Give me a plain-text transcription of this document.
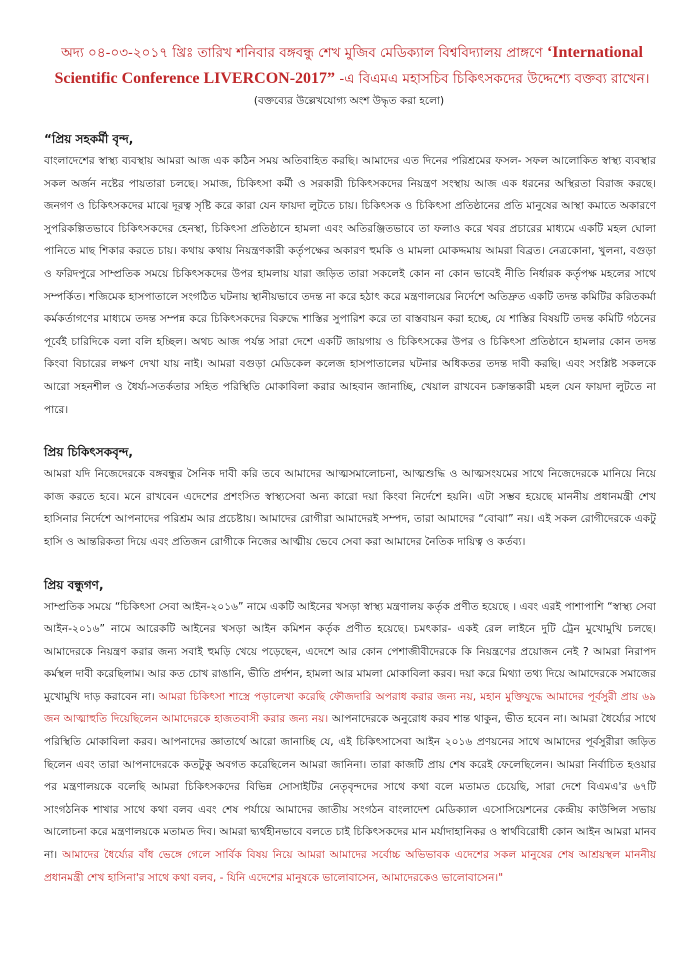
অদ্য ০৪-০৩-২০১৭ খ্রিঃ তারিখ শনিবার বঙ্গবন্ধু শেখ মুজিব মেডিক্যাল বিশ্ববিদ্যালয় প্রাঙ্গণে ‘International Scientific Conference LIVERCON-2017” -এ বিএমএ মহাসচিব চিকিৎসকদের উদ্দেশ্যে বক্তব্য রাখেন।
(বক্তব্যের উল্লেখযোগ্য অংশ উদ্ধৃত করা হলো)

“প্রিয় সহকর্মী বৃন্দ,

বাংলাদেশের স্বাস্থ্য ব্যবস্থায় আমরা আজ এক কঠিন সময় অতিবাহিত করছি। আমাদের এত দিনের পরিশ্রমের ফসল- সফল আলোকিত স্বাস্থ্য ব্যবস্থার সকল অর্জন নষ্টের পায়তারা চলছে। সমাজ, চিকিৎসা কর্মী ও সরকারী চিকিৎসকদের নিয়ন্ত্রণ সংস্থায় আজ এক ধরনের অস্থিরতা বিরাজ করছে। জনগণ ও চিকিৎসকদের মাঝে দূরত্ব সৃষ্টি করে কারা যেন ফায়দা লুটতে চায়। চিকিৎসক ও চিকিৎসা প্রতিষ্ঠানের প্রতি মানুষের আস্থা কমাতে অকারণে সুপরিকল্পিতভাবে চিকিৎসকদের হেনস্থা, চিকিৎসা প্রতিষ্ঠানে হামলা এবং অতিরঞ্জিতভাবে তা ফলাও করে খবর প্রচারের মাধ্যমে একটি মহল ঘোলা পানিতে মাছ শিকার করতে চায়। কথায় কথায় নিয়ন্ত্রণকারী কর্তৃপক্ষের অকারণ হুমকি ও মামলা মোকদ্দমায় আমরা বিব্রত। নেত্রকোনা, খুলনা, বগুড়া ও ফরিদপুরে সাম্প্রতিক সময়ে চিকিৎসকদের উপর হামলায় যারা জড়িত তারা সকলেই কোন না কোন ভাবেই নীতি নির্ধারক কর্তৃপক্ষ মহলের সাথে সম্পর্কিত। শজিমেক হাসপাতালে সংগঠিত ঘটনায় স্থানীয়ভাবে তদন্ত না করে হঠাৎ করে মন্ত্রণালয়ের নির্দেশে অতিদ্রুত একটি তদন্ত কমিটির করিতকর্মা কর্মকর্তাগণের মাধ্যমে তদন্ত সম্পন্ন করে চিকিৎসকদের বিরুদ্ধে শাস্তির সুপারিশ করে তা বাস্তবায়ন করা হচ্ছে, যে শাস্তির বিষয়টি তদন্ত কমিটি গঠনের পূর্বেই চারিদিকে বলা বলি হচ্ছিল। অথচ আজ পর্যন্ত সারা দেশে একটি জায়গায় ও চিকিৎসকের উপর ও চিকিৎসা প্রতিষ্ঠানে হামলার কোন তদন্ত কিংবা বিচারের লক্ষণ দেখা যায় নাই। আমরা বগুড়া মেডিকেল কলেজ হাসপাতালের ঘটনার অধিকতর তদন্ত দাবী করছি। এবং সংশ্লিষ্ট সকলকে আরো সহনশীল ও ধৈর্য্য-সতর্কতার সহিত পরিস্থিতি মোকাবিলা করার আহবান জানাচ্ছি, খেয়াল রাখবেন চক্রান্তকারী মহল যেন ফায়দা লুটতে না পারে।

প্রিয় চিকিৎসকবৃন্দ,

আমরা যদি নিজেদেরকে বঙ্গবন্ধুর সৈনিক দাবী করি তবে আমাদের আত্মসমালোচনা, আত্মশুদ্ধি ও আত্মসংযমের সাথে নিজেদেরকে মানিয়ে নিয়ে কাজ করতে হবে। মনে রাখবেন এদেশের প্রশংসিত স্বাস্থ্যসেবা অন্য কারো দয়া কিংবা নির্দেশে হয়নি। এটা সম্ভব হয়েছে মাননীয় প্রধানমন্ত্রী শেখ হাসিনার নির্দেশে আপনাদের পরিশ্রম আর প্রচেষ্টায়। আমাদের রোগীরা আমাদেরই সম্পদ, তারা আমাদের “বোঝা” নয়। এই সকল রোগীদেরকে একটু হাসি ও আন্তরিকতা দিয়ে এবং প্রতিজন রোগীকে নিজের আত্মীয় ভেবে সেবা করা আমাদের নৈতিক দায়িত্ব ও কর্তব্য।

প্রিয় বন্ধুগণ,

সাম্প্রতিক সময়ে “চিকিৎসা সেবা আইন-২০১৬” নামে একটি আইনের খসড়া স্বাস্থ্য মন্ত্রণালয় কর্তৃক প্রণীত হয়েছে । এবং এরই পাশাপাশি “স্বাস্থ্য সেবা আইন-২০১৬” নামে আরেকটি আইনের খসড়া আইন কমিশন কর্তৃক প্রণীত হয়েছে। চমৎকার- একই রেল লাইনে দুটি ট্রেন মুখোমুখি চলছে। আমাদেরকে নিয়ন্ত্রণ করার জন্য সবাই হুমড়ি খেয়ে পড়েছেন, এদেশে আর কোন পেশাজীবীদেরকে কি নিয়ন্ত্রণের প্রয়োজন নেই ? আমরা নিরাপদ কর্মস্থল দাবী করেছিলাম। আর কত চোখ রাঙানি, ভীতি প্রর্দশন, হামলা আর মামলা মোকাবিলা করব। দয়া করে মিথ্যা তথ্য দিয়ে আমাদেরকে সমাজের মুখোমুখি দাড় করাবেন না। আমরা চিকিৎসা শাস্ত্রে পড়ালেখা করেছি ফৌজদারি অপরাধ করার জন্য নয়, মহান মুক্তিযুদ্ধে আমাদের পূর্বসুরী প্রায় ৬৯ জন আত্মাহুতি দিয়েছিলেন আমাদেরকে হাজতবাসী করার জন্য নয়। আপনাদেরকে অনুরোধ করব শান্ত থাকুন, ভীত হবেন না। আমরা ধৈর্য্যের সাথে পরিস্থিতি মোকাবিলা করব। আপনাদের জ্ঞাতার্থে আরো জানাচ্ছি যে, এই চিকিৎসাসেবা আইন ২০১৬ প্রণয়নের সাথে আমাদের পূর্বসুরীরা জড়িত ছিলেন এবং তারা আপনাদেরকে কতটুকু অবগত করেছিলেন আমরা জানিনা। তারা কাজটি প্রায় শেষ করেই ফেলেছিলেন। আমরা নির্বাচিত হওয়ার পর মন্ত্রণালয়কে বলেছি আমরা চিকিৎসকদের বিভিন্ন সোসাইটির নেতৃবৃন্দদের সাথে কথা বলে মতামত চেয়েছি, সারা দেশে বিএমএ'র ৬৭টি সাংগঠনিক শাখার সাথে কথা বলব এবং শেষ পর্যায়ে আমাদের জাতীয় সংগঠন বাংলাদেশ মেডিক্যাল এসোসিয়েশনের কেন্দ্রীয় কাউন্সিল সভায় আলোচনা করে মন্ত্রণালয়কে মতামত দিব। আমরা দ্ব্যর্থহীনভাবে বলতে চাই চিকিৎসকদের মান মর্যাদাহানিকর ও স্বার্থবিরোধী কোন আইন আমরা মানব না। আমাদের ধৈর্য্যের বাঁধ ভেঙ্গে গেলে সার্বিক বিষয় নিয়ে আমরা আমাদের সর্বোচ্চ অভিভাবক এদেশের সকল মানুষের শেষ আশ্রয়স্থল মাননীয় প্রধানমন্ত্রী শেখ হাসিনা'র সাথে কথা বলব, - যিনি এদেশের মানুষকে ভালোবাসেন, আমাদেরকেও ভালোবাসেন।"
